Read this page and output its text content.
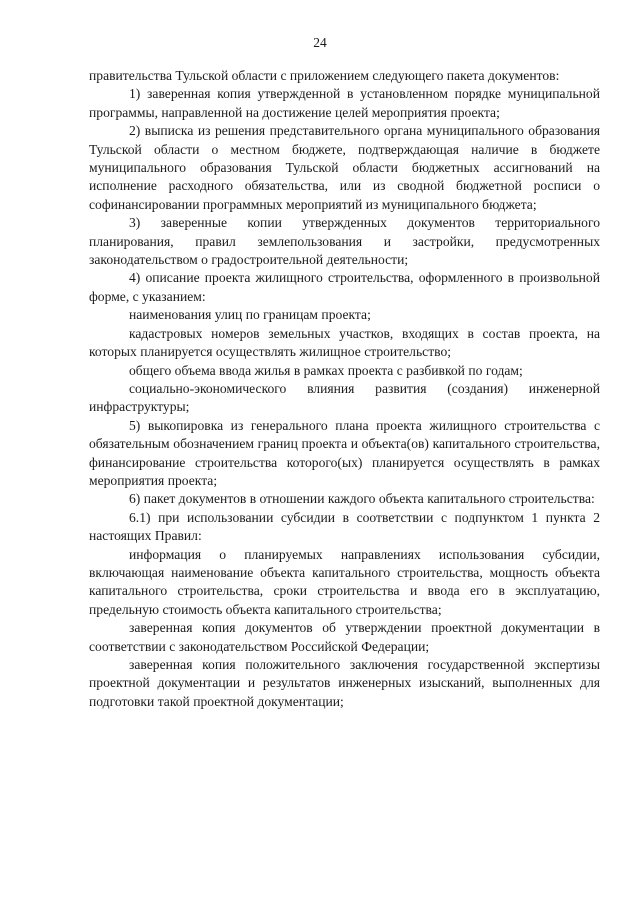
24

правительства Тульской области с приложением следующего пакета документов:

1) заверенная копия утвержденной в установленном порядке муниципальной программы, направленной на достижение целей мероприятия проекта;

2) выписка из решения представительного органа муниципального образования Тульской области о местном бюджете, подтверждающая наличие в бюджете муниципального образования Тульской области бюджетных ассигнований на исполнение расходного обязательства, или из сводной бюджетной росписи о софинансировании программных мероприятий из муниципального бюджета;

3) заверенные копии утвержденных документов территориального планирования, правил землепользования и застройки, предусмотренных законодательством о градостроительной деятельности;

4) описание проекта жилищного строительства, оформленного в произвольной форме, с указанием:

наименования улиц по границам проекта;

кадастровых номеров земельных участков, входящих в состав проекта, на которых планируется осуществлять жилищное строительство;

общего объема ввода жилья в рамках проекта с разбивкой по годам;

социально-экономического влияния развития (создания) инженерной инфраструктуры;

5) выкопировка из генерального плана проекта жилищного строительства с обязательным обозначением границ проекта и объекта(ов) капитального строительства, финансирование строительства которого(ых) планируется осуществлять в рамках мероприятия проекта;

6) пакет документов в отношении каждого объекта капитального строительства:

6.1) при использовании субсидии в соответствии с подпунктом 1 пункта 2 настоящих Правил:

информация о планируемых направлениях использования субсидии, включающая наименование объекта капитального строительства, мощность объекта капитального строительства, сроки строительства и ввода его в эксплуатацию, предельную стоимость объекта капитального строительства;

заверенная копия документов об утверждении проектной документации в соответствии с законодательством Российской Федерации;

заверенная копия положительного заключения государственной экспертизы проектной документации и результатов инженерных изысканий, выполненных для подготовки такой проектной документации;
